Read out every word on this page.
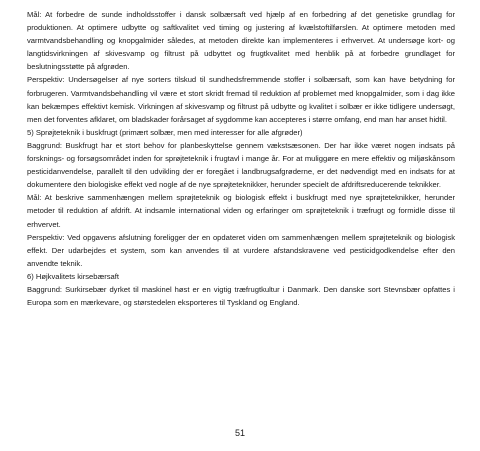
Mål: At forbedre de sunde indholdsstoffer i dansk solbærsaft ved hjælp af en forbedring af det genetiske grundlag for produktionen. At optimere udbytte og saftkvalitet ved timing og justering af kvælstoftilførslen. At optimere metoden med varmtvandsbehandling og knopgalmider således, at metoden direkte kan implementeres i erhvervet. At undersøge kort- og langtidsvirkningen af skivesvamp og filtrust på udbyttet og frugtkvalitet med henblik på at forbedre grundlaget for beslutningsstøtte på afgrøden.

Perspektiv: Undersøgelser af nye sorters tilskud til sundhedsfremmende stoffer i solbærsaft, som kan have betydning for forbrugeren. Varmtvandsbehandling vil være et stort skridt fremad til reduktion af problemet med knopgalmider, som i dag ikke kan bekæmpes effektivt kemisk. Virkningen af skivesvamp og filtrust på udbytte og kvalitet i solbær er ikke tidligere undersøgt, men det forventes afklaret, om bladskader forårsaget af sygdomme kan accepteres i større omfang, end man har anset hidtil.

5) Sprøjteteknik i buskfrugt (primært solbær, men med interesser for alle afgrøder)

Baggrund: Buskfrugt har et stort behov for planbeskyttelse gennem vækstsæsonen. Der har ikke været nogen indsats på forsknings- og forsøgsområdet inden for sprøjteteknik i frugtavl i mange år. For at muliggøre en mere effektiv og miljøskånsom pesticidanvendelse, parallelt til den udvikling der er foregået i landbrugsafgrøderne, er det nødvendigt med en indsats for at dokumentere den biologiske effekt ved nogle af de nye sprøjteteknikker, herunder specielt de afdriftsreducerende teknikker.

Mål: At beskrive sammenhængen mellem sprøjteteknik og biologisk effekt i buskfrugt med nye sprøjteteknikker, herunder metoder til reduktion af afdrift. At indsamle international viden og erfaringer om sprøjteteknik i træfrugt og formidle disse til erhvervet.

Perspektiv: Ved opgavens afslutning foreligger der en opdateret viden om sammenhængen mellem sprøjteteknik og biologisk effekt. Der udarbejdes et system, som kan anvendes til at vurdere afstandskravene ved pesticidgodkendelse efter den anvendte teknik.

6) Højkvalitets kirsebærsaft

Baggrund: Surkirsebær dyrket til maskinel høst er en vigtig træfrugtkultur i Danmark. Den danske sort Stevnsbær opfattes i Europa som en mærkevare, og størstedelen eksporteres til Tyskland og England.

51
